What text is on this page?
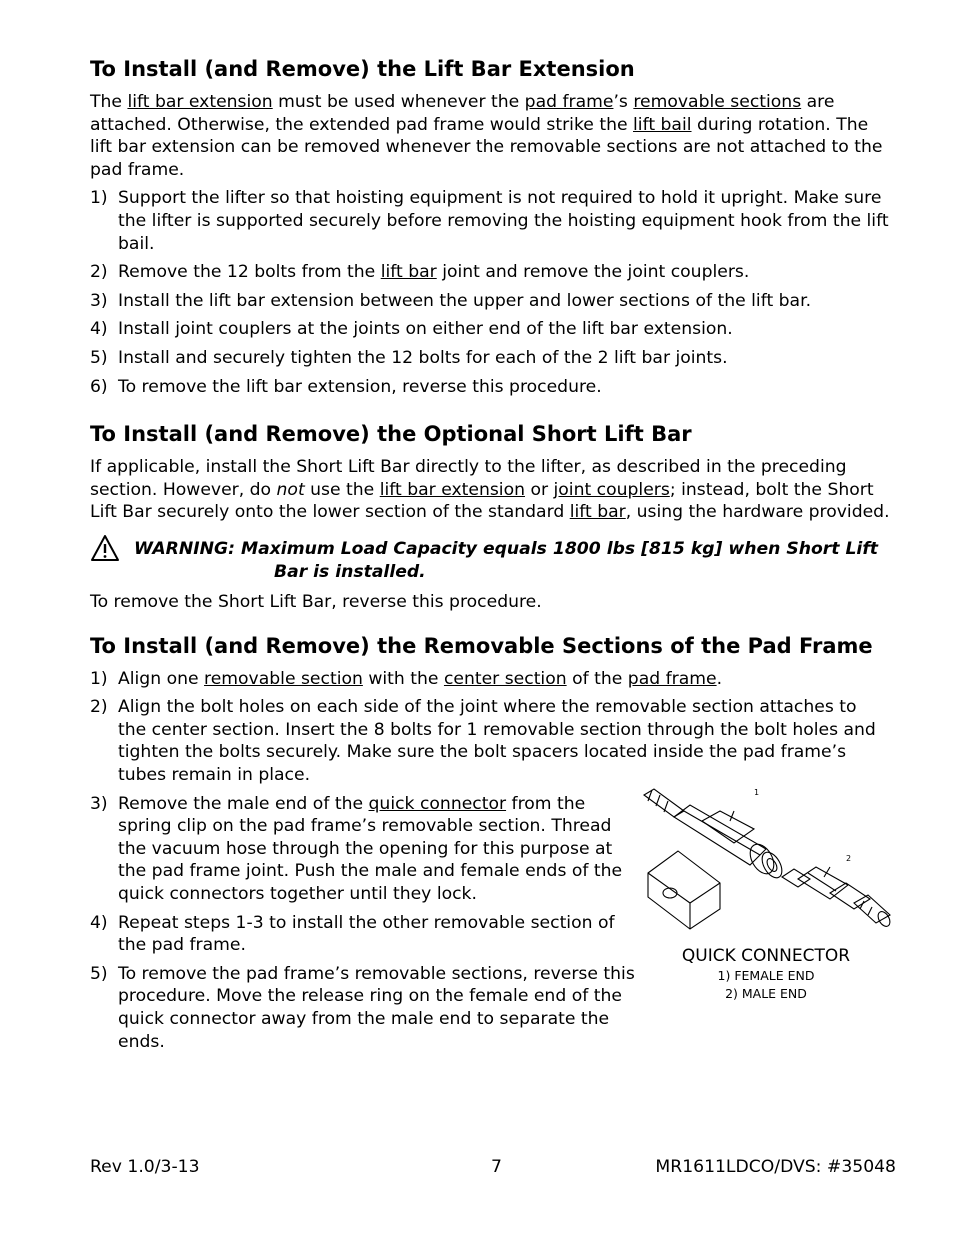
To Install (and Remove) the Lift Bar Extension

The lift bar extension must be used whenever the pad frame’s removable sections are attached. Otherwise, the extended pad frame would strike the lift bail during rotation. The lift bar extension can be removed whenever the removable sections are not attached to the pad frame.

1) Support the lifter so that hoisting equipment is not required to hold it upright. Make sure the lifter is supported securely before removing the hoisting equipment hook from the lift bail.
2) Remove the 12 bolts from the lift bar joint and remove the joint couplers.
3) Install the lift bar extension between the upper and lower sections of the lift bar.
4) Install joint couplers at the joints on either end of the lift bar extension.
5) Install and securely tighten the 12 bolts for each of the 2 lift bar joints.
6) To remove the lift bar extension, reverse this procedure.
To Install (and Remove) the Optional Short Lift Bar

If applicable, install the Short Lift Bar directly to the lifter, as described in the preceding section. However, do not use the lift bar extension or joint couplers; instead, bolt the Short Lift Bar securely onto the lower section of the standard lift bar, using the hardware provided.

WARNING: Maximum Load Capacity equals 1800 lbs [815 kg] when Short Lift
Bar is installed.

To remove the Short Lift Bar, reverse this procedure.

To Install (and Remove) the Removable Sections of the Pad Frame
1) Align one removable section with the center section of the pad frame.
2) Align the bolt holes on each side of the joint where the removable section attaches to the center section. Insert the 8 bolts for 1 removable section through the bolt holes and tighten the bolts securely. Make sure the bolt spacers located inside the pad frame’s tubes remain in place.
3) Remove the male end of the quick connector from the spring clip on the pad frame’s removable section. Thread the vacuum hose through the opening for this purpose at the pad frame joint. Push the male and female ends of the quick connectors together until they lock.
4) Repeat steps 1-3 to install the other removable section of the pad frame.
5) To remove the pad frame’s removable sections, reverse this procedure. Move the release ring on the female end of the quick connector away from the male end to separate the ends.
1
2
QUICK CONNECTOR
1) FEMALE END
2) MALE END
Rev 1.0/3-13	7	MR1611LDCO/DVS: #35048
